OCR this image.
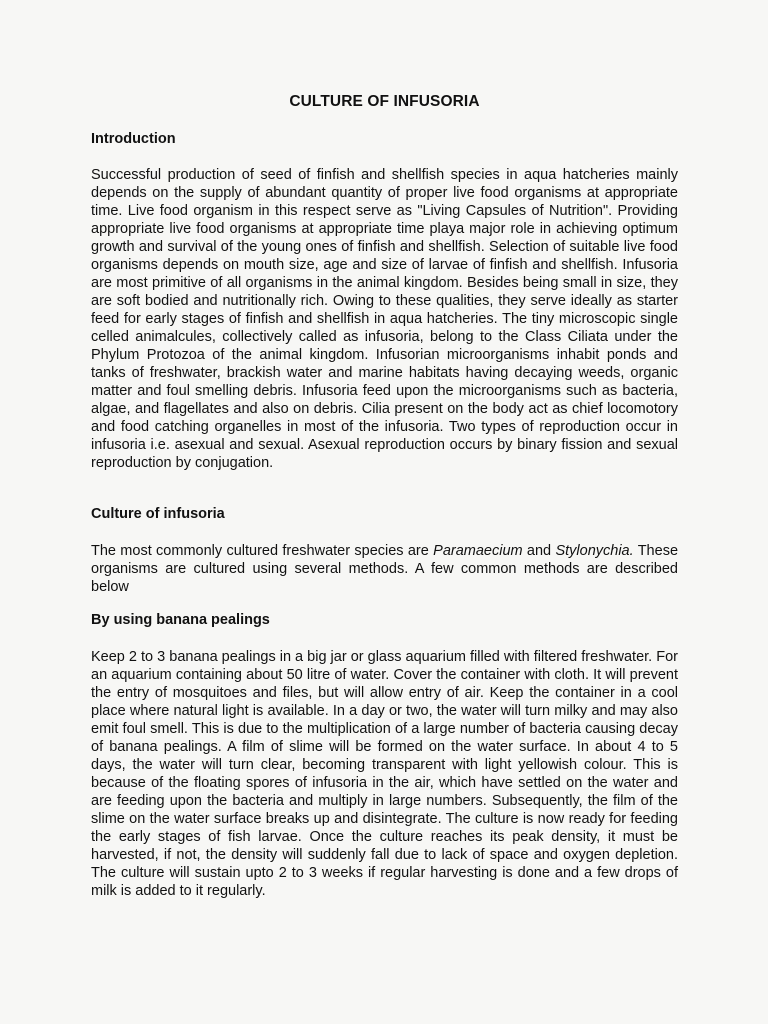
CULTURE OF INFUSORIA
Introduction
Successful production of seed of finfish and shellfish species in aqua hatcheries mainly depends on the supply of abundant quantity of proper live food organisms at appropriate time. Live food organism in this respect serve as "Living Capsules of Nutrition". Providing appropriate live food organisms at appropriate time playa major role in achieving optimum growth and survival of the young ones of finfish and shellfish. Selection of suitable live food organisms depends on mouth size, age and size of larvae of finfish and shellfish. Infusoria are most primitive of all organisms in the animal kingdom. Besides being small in size, they are soft bodied and nutritionally rich. Owing to these qualities, they serve ideally as starter feed for early stages of finfish and shellfish in aqua hatcheries. The tiny microscopic single celled animalcules, collectively called as infusoria, belong to the Class Ciliata under the Phylum Protozoa of the animal kingdom. Infusorian microorganisms inhabit ponds and tanks of freshwater, brackish water and marine habitats having decaying weeds, organic matter and foul smelling debris. Infusoria feed upon the microorganisms such as bacteria, algae, and flagellates and also on debris. Cilia present on the body act as chief locomotory and food catching organelles in most of the infusoria. Two types of reproduction occur in infusoria i.e. asexual and sexual. Asexual reproduction occurs by binary fission and sexual reproduction by conjugation.
Culture of infusoria
The most commonly cultured freshwater species are Paramaecium and Stylonychia. These organisms are cultured using several methods. A few common methods are described below
By using banana pealings
Keep 2 to 3 banana pealings in a big jar or glass aquarium filled with filtered freshwater. For an aquarium containing about 50 litre of water. Cover the container with cloth. It will prevent the entry of mosquitoes and files, but will allow entry of air. Keep the container in a cool place where natural light is available. In a day or two, the water will turn milky and may also emit foul smell. This is due to the multiplication of a large number of bacteria causing decay of banana pealings. A film of slime will be formed on the water surface. In about 4 to 5 days, the water will turn clear, becoming transparent with light yellowish colour. This is because of the floating spores of infusoria in the air, which have settled on the water and are feeding upon the bacteria and multiply in large numbers. Subsequently, the film of the slime on the water surface breaks up and disintegrate. The culture is now ready for feeding the early stages of fish larvae. Once the culture reaches its peak density, it must be harvested, if not, the density will suddenly fall due to lack of space and oxygen depletion. The culture will sustain upto 2 to 3 weeks if regular harvesting is done and a few drops of milk is added to it regularly.
